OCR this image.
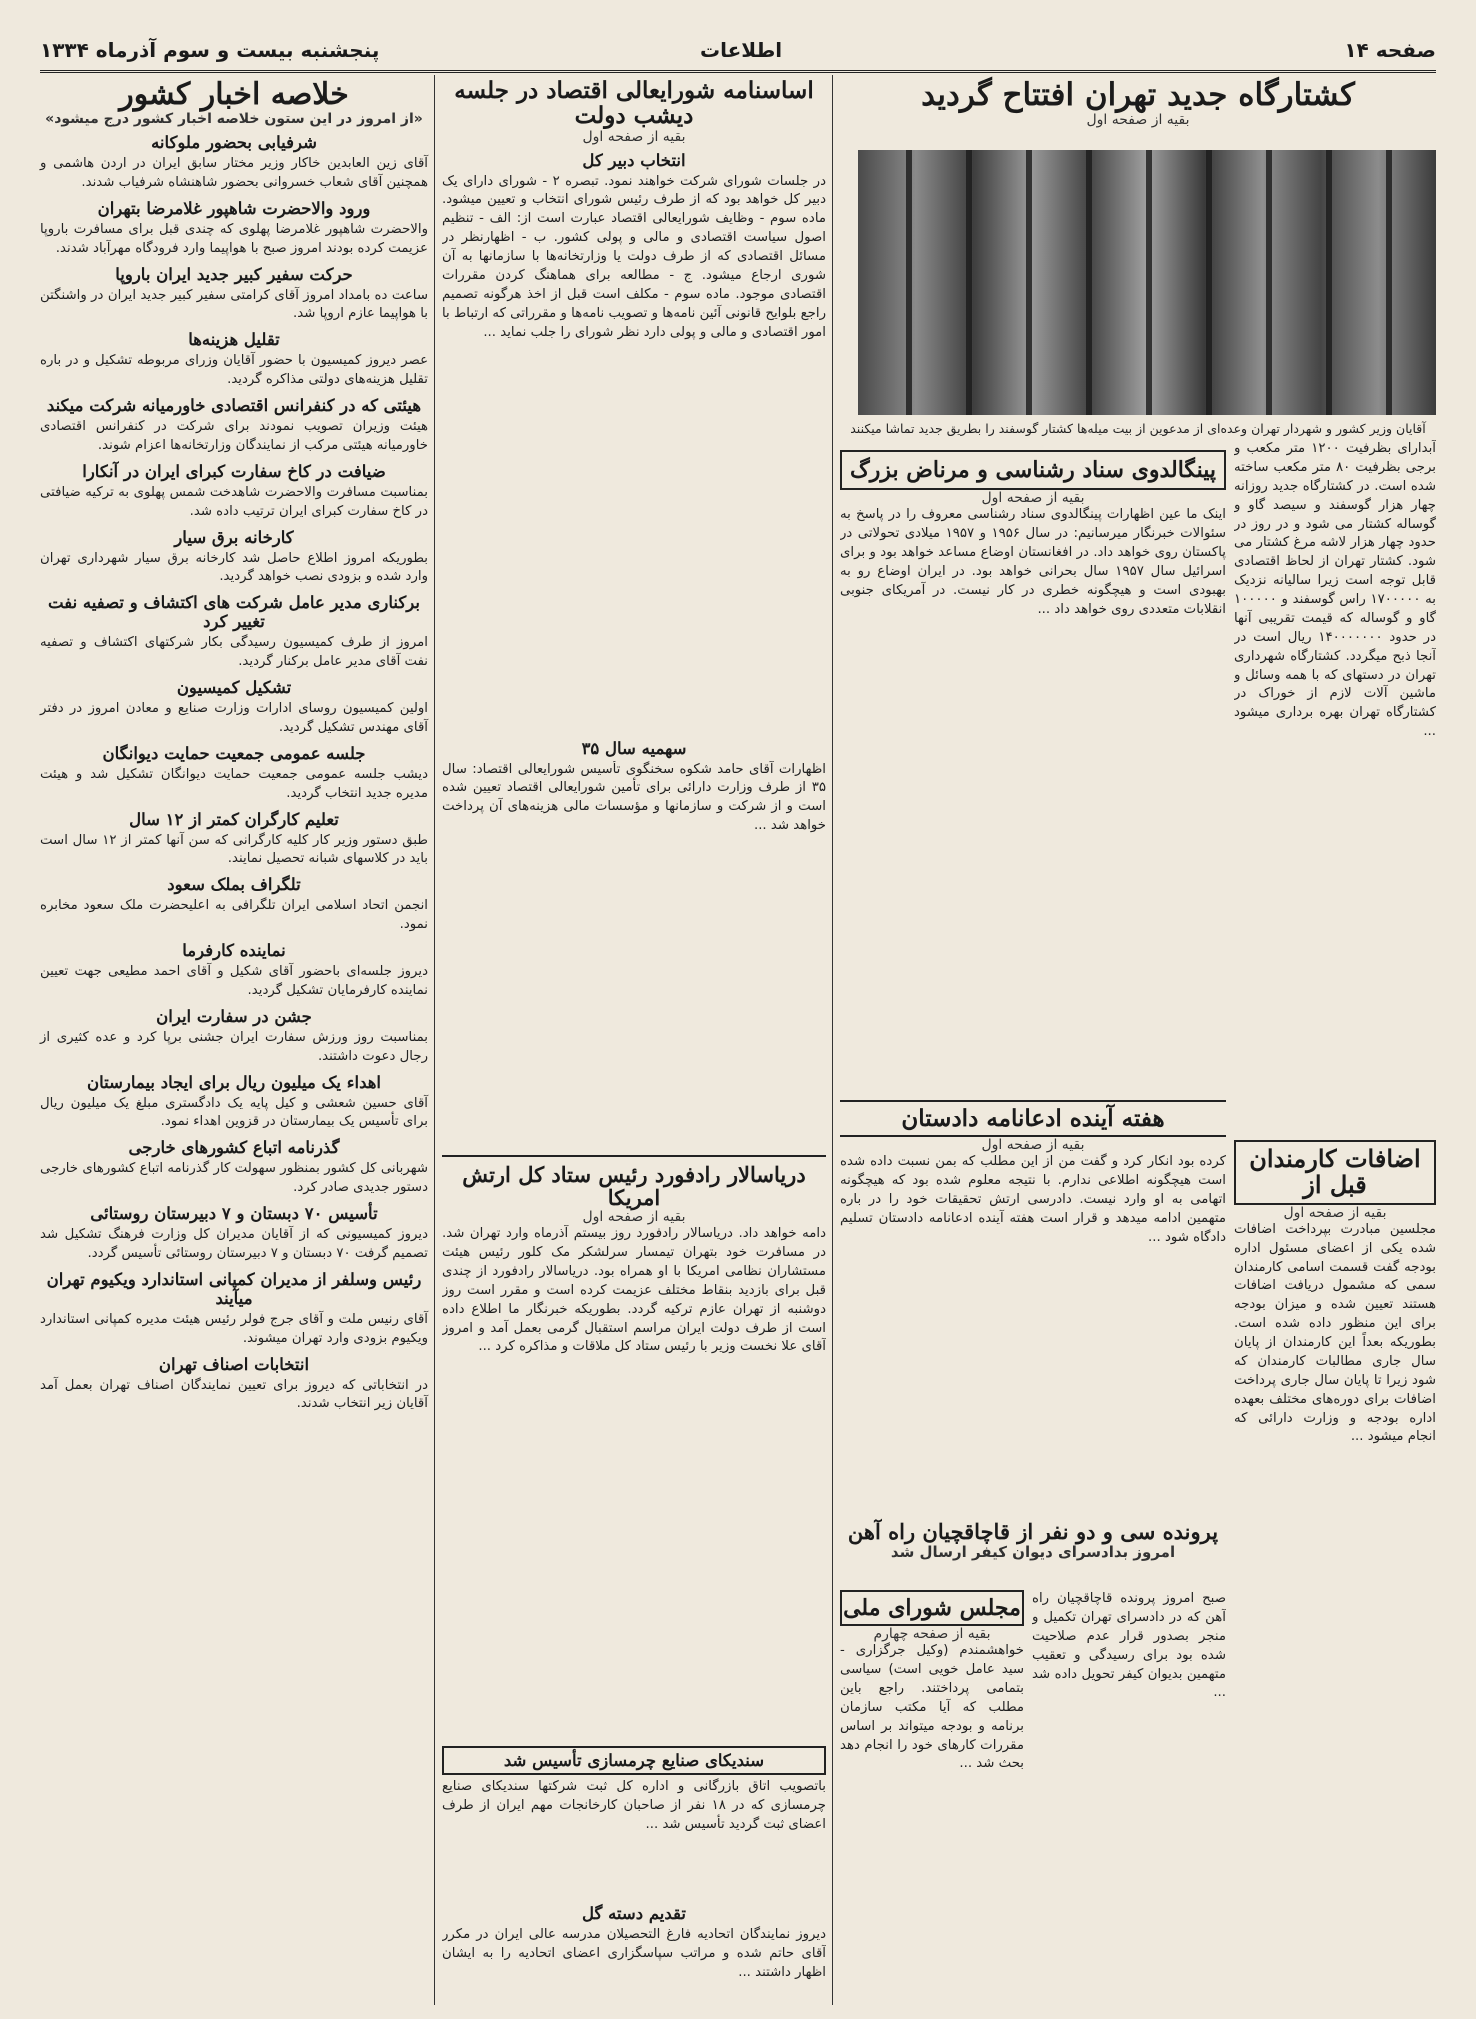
صفحه ۱۴
اطلاعات
پنجشنبه بیست و سوم آذرماه ۱۳۳۴
کشتارگاه جدید تهران افتتاح گردید
بقیه از صفحه اول
آقایان وزیر کشور و شهردار تهران وعده‌ای از مدعوین از بیت میله‌ها کشتار گوسفند را بطریق جدید تماشا میکنند
آبدارای بظرفیت ۱۲۰۰ متر مکعب و برجی بظرفیت ۸۰ متر مکعب ساخته شده است. در کشتارگاه جدید روزانه چهار هزار گوسفند و سیصد گاو و گوساله کشتار می شود و در روز در حدود چهار هزار لاشه مرغ کشتار می شود. کشتار تهران از لحاظ اقتصادی قابل توجه است زیرا سالیانه نزدیک به ۱۷۰۰۰۰۰ راس گوسفند و ۱۰۰۰۰۰ گاو و گوساله که قیمت تقریبی آنها در حدود ۱۴۰۰۰۰۰۰۰ ریال است در آنجا ذبح میگردد. کشتارگاه شهرداری تهران در دستهای که با همه وسائل و ماشین آلات لازم از خوراک در کشتارگاه تهران بهره برداری میشود ...
اضافات کارمندان قبل از
بقیه از صفحه اول
مجلسین مبادرت بپرداخت اضافات شده یکی از اعضای مسئول اداره بودجه گفت قسمت اسامی کارمندان سمی که مشمول دریافت اضافات هستند تعیین شده و میزان بودجه برای این منظور داده شده است. بطوریکه بعداً این کارمندان از پایان سال جاری مطالبات کارمندان که شود زیرا تا پایان سال جاری پرداخت اضافات برای دوره‌های مختلف بعهده اداره بودجه و وزارت دارائی که انجام میشود ...
پینگالدوی سناد رشناسی و مرناض بزرگ
بقیه از صفحه اول
اینک ما عین اظهارات پینگالدوی سناد رشناسی معروف را در پاسخ به سئوالات خبرنگار میرسانیم: در سال ۱۹۵۶ و ۱۹۵۷ میلادی تحولاتی در پاکستان روی خواهد داد. در افغانستان اوضاع مساعد خواهد بود و برای اسرائیل سال ۱۹۵۷ سال بحرانی خواهد بود. در ایران اوضاع رو به بهبودی است و هیچگونه خطری در کار نیست. در آمریکای جنوبی انقلابات متعددی روی خواهد داد ...
هفته آینده ادعانامه دادستان
بقیه از صفحه اول
کرده بود انکار کرد و گفت من از این مطلب که بمن نسبت داده شده است هیچگونه اطلاعی ندارم. با نتیجه معلوم شده بود که هیچگونه اتهامی به او وارد نیست. دادرسی ارتش تحقیقات خود را در باره متهمین ادامه میدهد و قرار است هفته آینده ادعانامه دادستان تسلیم دادگاه شود ...
پرونده سی و دو نفر از قاچاقچیان راه آهن
امروز بدادسرای دیوان کیفر ارسال شد
صبح امروز پرونده قاچاقچیان راه آهن که در دادسرای تهران تکمیل و منجر بصدور قرار عدم صلاحیت شده بود برای رسیدگی و تعقیب متهمین بدیوان کیفر تحویل داده شد ...
مجلس شورای ملی
بقیه از صفحه چهارم
خواهشمندم (وکیل جرگزاری - سید عامل خویی است) سیاسی بتمامی پرداختند. راجع باین مطلب که آیا مکتب سازمان برنامه و بودجه میتواند بر اساس مقررات کارهای خود را انجام دهد بحث شد ...
اساسنامه شورایعالی اقتصاد در جلسه دیشب دولت
بقیه از صفحه اول
انتخاب دبیر کل
در جلسات شورای شرکت خواهند نمود. تبصره ۲ - شورای دارای یک دبیر کل خواهد بود که از طرف رئیس شورای انتخاب و تعیین میشود. ماده سوم - وظایف شورایعالی اقتصاد عبارت است از: الف - تنظیم اصول سیاست اقتصادی و مالی و پولی کشور. ب - اظهارنظر در مسائل اقتصادی که از طرف دولت یا وزارتخانه‌ها با سازمانها به آن شوری ارجاع میشود. ج - مطالعه برای هماهنگ کردن مقررات اقتصادی موجود. ماده سوم - مکلف است قبل از اخذ هرگونه تصمیم راجع بلوایح قانونی آئین نامه‌ها و تصویب نامه‌ها و مقرراتی که ارتباط با امور اقتصادی و مالی و پولی دارد نظر شورای را جلب نماید ...
سهمیه سال ۳۵
اظهارات آقای حامد شکوه سخنگوی تأسیس شورایعالی اقتصاد: سال ۳۵ از طرف وزارت دارائی برای تأمین شورایعالی اقتصاد تعیین شده است و از شرکت و سازمانها و مؤسسات مالی هزینه‌های آن پرداخت خواهد شد ...
دریاسالار رادفورد رئیس ستاد کل ارتش امریکا
بقیه از صفحه اول
دامه خواهد داد. دریاسالار رادفورد روز بیستم آذرماه وارد تهران شد. در مسافرت خود بتهران تیمسار سرلشکر مک کلور رئیس هیئت مستشاران نظامی امریکا با او همراه بود. دریاسالار رادفورد از چندی قبل برای بازدید بنقاط مختلف عزیمت کرده است و مقرر است روز دوشنبه از تهران عازم ترکیه گردد. بطوریکه خبرنگار ما اطلاع داده است از طرف دولت ایران مراسم استقبال گرمی بعمل آمد و امروز آقای علا نخست وزیر با رئیس ستاد کل ملاقات و مذاکره کرد ...
سندیکای صنایع چرمسازی تأسیس شد
باتصویب اتاق بازرگانی و اداره کل ثبت شرکتها سندیکای صنایع چرمسازی که در ۱۸ نفر از صاحبان کارخانجات مهم ایران از طرف اعضای ثبت گردید تأسیس شد ...
تقدیم دسته گل
دیروز نمایندگان اتحادیه فارغ التحصیلان مدرسه عالی ایران در مکرر آقای حاتم شده و مراتب سپاسگزاری اعضای اتحادیه را به ایشان اظهار داشتند ...
خلاصه اخبار کشور
«از امروز در این ستون خلاصه اخبار کشور درج میشود»
شرفیابی بحضور ملوکانه
آقای زین العابدین خاکار وزیر مختار سابق ایران در اردن هاشمی و همچنین آقای شعاب خسروانی بحضور شاهنشاه شرفیاب شدند.
ورود والاحضرت شاهپور غلامرضا بتهران
والاحضرت شاهپور غلامرضا پهلوی که چندی قبل برای مسافرت باروپا عزیمت کرده بودند امروز صبح با هواپیما وارد فرودگاه مهرآباد شدند.
حرکت سفیر کبیر جدید ایران باروپا
ساعت ده بامداد امروز آقای کرامتی سفیر کبیر جدید ایران در واشنگتن با هواپیما عازم اروپا شد.
تقلیل هزینه‌ها
عصر دیروز کمیسیون با حضور آقایان وزرای مربوطه تشکیل و در باره تقلیل هزینه‌های دولتی مذاکره گردید.
هیئتی که در کنفرانس اقتصادی خاورمیانه شرکت میکند
هیئت وزیران تصویب نمودند برای شرکت در کنفرانس اقتصادی خاورمیانه هیئتی مرکب از نمایندگان وزارتخانه‌ها اعزام شوند.
ضیافت در کاخ سفارت کبرای ایران در آنکارا
بمناسبت مسافرت والاحضرت شاهدخت شمس پهلوی به ترکیه ضیافتی در کاخ سفارت کبرای ایران ترتیب داده شد.
کارخانه برق سیار
بطوریکه امروز اطلاع حاصل شد کارخانه برق سیار شهرداری تهران وارد شده و بزودی نصب خواهد گردید.
برکناری مدیر عامل شرکت های اکتشاف و تصفیه نفت تغییر کرد
امروز از طرف کمیسیون رسیدگی بکار شرکتهای اکتشاف و تصفیه نفت آقای مدیر عامل برکنار گردید.
تشکیل کمیسیون
اولین کمیسیون روسای ادارات وزارت صنایع و معادن امروز در دفتر آقای مهندس تشکیل گردید.
جلسه عمومی جمعیت حمایت دیوانگان
دیشب جلسه عمومی جمعیت حمایت دیوانگان تشکیل شد و هیئت مدیره جدید انتخاب گردید.
تعلیم کارگران کمتر از ۱۲ سال
طبق دستور وزیر کار کلیه کارگرانی که سن آنها کمتر از ۱۲ سال است باید در کلاسهای شبانه تحصیل نمایند.
تلگراف بملک سعود
انجمن اتحاد اسلامی ایران تلگرافی به اعلیحضرت ملک سعود مخابره نمود.
نماینده کارفرما
دیروز جلسه‌ای باحضور آقای شکیل و آقای احمد مطیعی جهت تعیین نماینده کارفرمایان تشکیل گردید.
جشن در سفارت ایران
بمناسبت روز ورزش سفارت ایران جشنی برپا کرد و عده کثیری از رجال دعوت داشتند.
اهداء یک میلیون ریال برای ایجاد بیمارستان
آقای حسین شعشی و کیل پایه یک دادگستری مبلغ یک میلیون ریال برای تأسیس یک بیمارستان در قزوین اهداء نمود.
گذرنامه اتباع کشورهای خارجی
شهربانی کل کشور بمنظور سهولت کار گذرنامه اتباع کشورهای خارجی دستور جدیدی صادر کرد.
تأسیس ۷۰ دبستان و ۷ دبیرستان روستائی
دیروز کمیسیونی که از آقایان مدیران کل وزارت فرهنگ تشکیل شد تصمیم گرفت ۷۰ دبستان و ۷ دبیرستان روستائی تأسیس گردد.
رئیس وسلفر از مدیران کمپانی استاندارد ویکیوم تهران میآیند
آقای رنیس ملت و آقای جرج فولر رئیس هیئت مدیره کمپانی استاندارد ویکیوم بزودی وارد تهران میشوند.
انتخابات اصناف تهران
در انتخاباتی که دیروز برای تعیین نمایندگان اصناف تهران بعمل آمد آقایان زیر انتخاب شدند.
